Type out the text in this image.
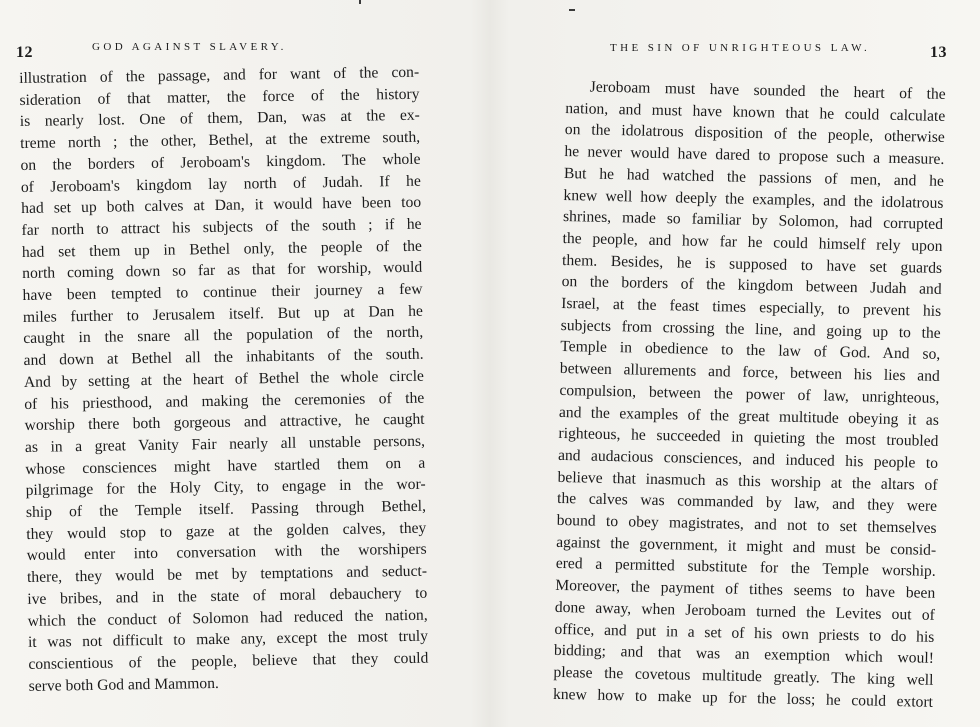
12	GOD AGAINST SLAVERY.
illustration of the passage, and for want of the con-
sideration of that matter, the force of the history
is nearly lost. One of them, Dan, was at the ex-
treme north ; the other, Bethel, at the extreme south,
on the borders of Jeroboam's kingdom. The whole
of Jeroboam's kingdom lay north of Judah. If he
had set up both calves at Dan, it would have been too
far north to attract his subjects of the south ; if he
had set them up in Bethel only, the people of the
north coming down so far as that for worship, would
have been tempted to continue their journey a few
miles further to Jerusalem itself. But up at Dan he
caught in the snare all the population of the north,
and down at Bethel all the inhabitants of the south.
And by setting at the heart of Bethel the whole circle
of his priesthood, and making the ceremonies of the
worship there both gorgeous and attractive, he caught
as in a great Vanity Fair nearly all unstable persons,
whose consciences might have startled them on a
pilgrimage for the Holy City, to engage in the wor-
ship of the Temple itself. Passing through Bethel,
they would stop to gaze at the golden calves, they
would enter into conversation with the worshipers
there, they would be met by temptations and seduct-
ive bribes, and in the state of moral debauchery to
which the conduct of Solomon had reduced the nation,
it was not difficult to make any, except the most truly
conscientious of the people, believe that they could
serve both God and Mammon.
THE SIN OF UNRIGHTEOUS LAW.	13
Jeroboam must have sounded the heart of the
nation, and must have known that he could calculate
on the idolatrous disposition of the people, otherwise
he never would have dared to propose such a measure.
But he had watched the passions of men, and he
knew well how deeply the examples, and the idolatrous
shrines, made so familiar by Solomon, had corrupted
the people, and how far he could himself rely upon
them. Besides, he is supposed to have set guards
on the borders of the kingdom between Judah and
Israel, at the feast times especially, to prevent his
subjects from crossing the line, and going up to the
Temple in obedience to the law of God. And so,
between allurements and force, between his lies and
compulsion, between the power of law, unrighteous,
and the examples of the great multitude obeying it as
righteous, he succeeded in quieting the most troubled
and audacious consciences, and induced his people to
believe that inasmuch as this worship at the altars of
the calves was commanded by law, and they were
bound to obey magistrates, and not to set themselves
against the government, it might and must be consid-
ered a permitted substitute for the Temple worship.
Moreover, the payment of tithes seems to have been
done away, when Jeroboam turned the Levites out of
office, and put in a set of his own priests to do his
bidding; and that was an exemption which woul!
please the covetous multitude greatly. The king well
knew how to make up for the loss; he could extort
